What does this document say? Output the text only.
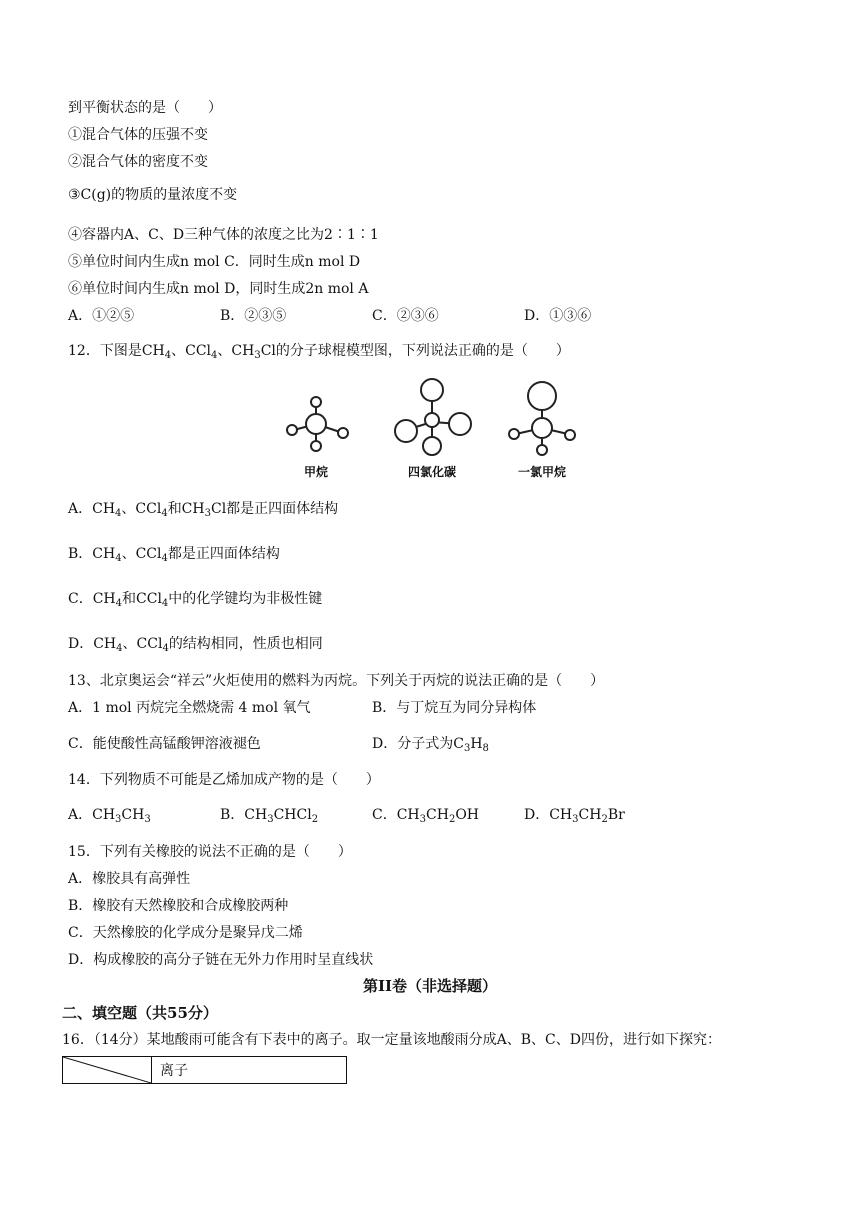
到平衡状态的是（　　）
①混合气体的压强不变
②混合气体的密度不变
③C(g)的物质的量浓度不变
④容器内A、C、D三种气体的浓度之比为2∶1∶1
⑤单位时间内生成n mol C．同时生成n mol D
⑥单位时间内生成n mol D，同时生成2n mol A
A．①②⑤	B．②③⑤	C．②③⑥	D．①③⑥
12．下图是$CH_4$、CCl$_4$、$CH_3Cl$的分子球棍模型图，下列说法正确的是（　　）
甲烷	四氯化碳	一氯甲烷
A．$CH_4$、CCl$_4$和$CH_3Cl$都是正四面体结构
B．$CH_4$、CCl$_4$都是正四面体结构
C．$CH_4$和CCl$_4$中的化学键均为非极性键
D．$CH_4$、CCl$_4$的结构相同，性质也相同
13、北京奥运会“祥云”火炬使用的燃料为丙烷。下列关于丙烷的说法正确的是（　　）
A．1 mol 丙烷完全燃烧需 4 mol 氧气	B．与丁烷互为同分异构体
C．能使酸性高锰酸钾溶液褪色	D．分子式为$C_3H_8$
14．下列物质不可能是乙烯加成产物的是（　　）
A．$CH_3CH_3$	B．$CH_3CHCl_2$	C．$CH_3CH_2OH$	D．$CH_3CH_2Br$
15．下列有关橡胶的说法不正确的是（　　）
A．橡胶具有高弹性
B．橡胶有天然橡胶和合成橡胶两种
C．天然橡胶的化学成分是聚异戊二烯
D．构成橡胶的高分子链在无外力作用时呈直线状
第II卷（非选择题）
二、填空题（共55分）
16．（14分）某地酸雨可能含有下表中的离子。取一定量该地酸雨分成A、B、C、D四份，进行如下探究：
	离子
